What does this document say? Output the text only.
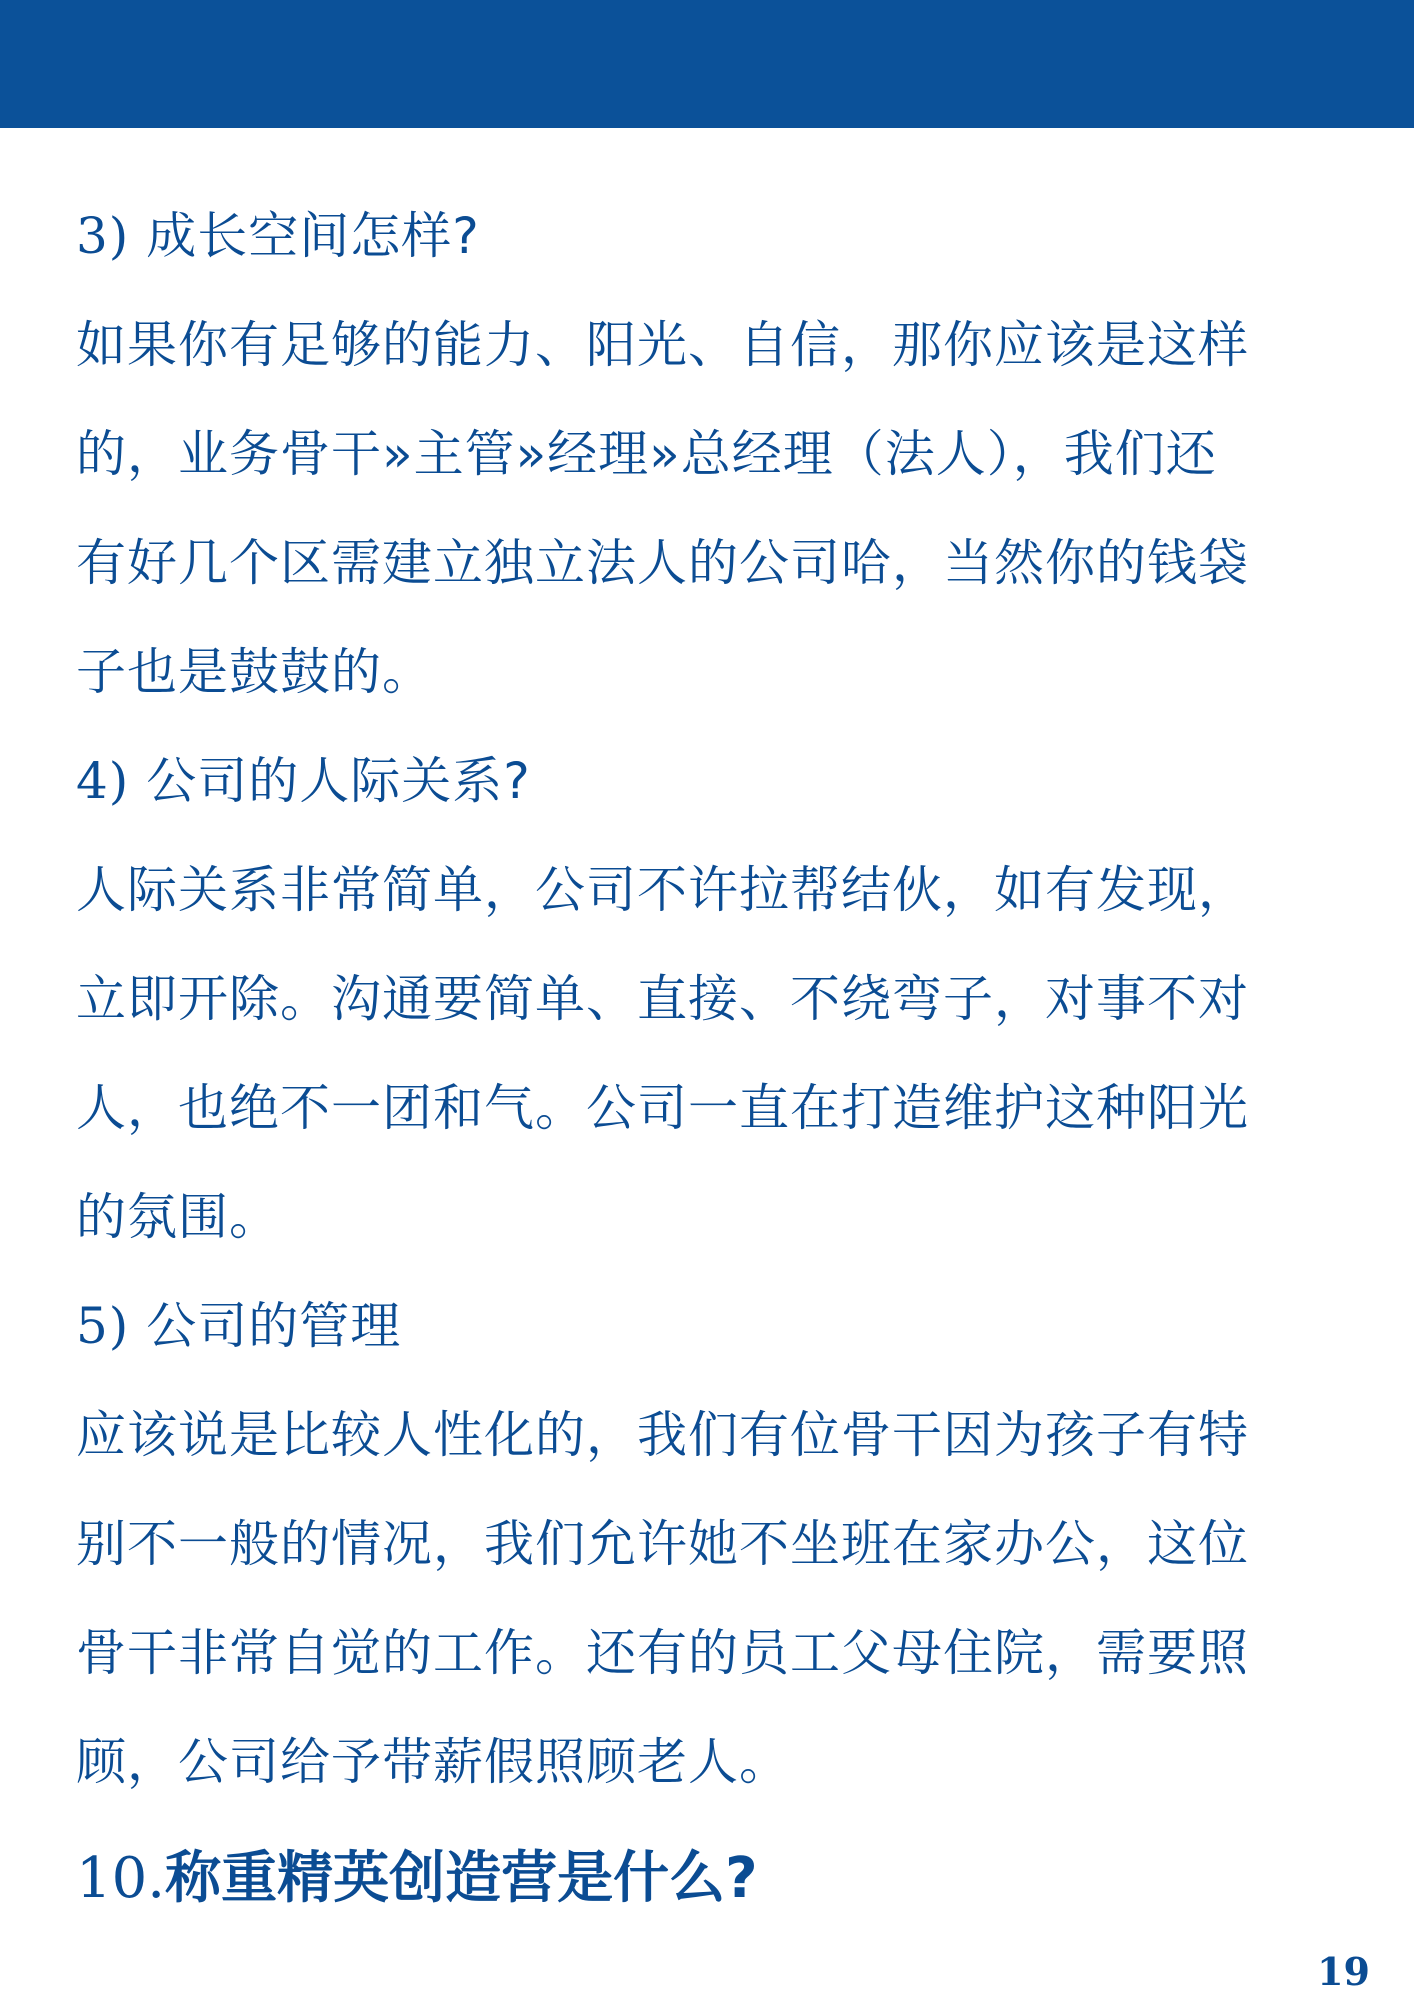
3) 成长空间怎样?
如果你有足够的能力、阳光、自信，那你应该是这样
的，业务骨干»主管»经理»总经理（法人），我们还
有好几个区需建立独立法人的公司哈，当然你的钱袋
子也是鼓鼓的。
4) 公司的人际关系?
人际关系非常简单，公司不许拉帮结伙，如有发现，
立即开除。沟通要简单、直接、不绕弯子，对事不对
人，也绝不一团和气。公司一直在打造维护这种阳光
的氛围。
5) 公司的管理
应该说是比较人性化的，我们有位骨干因为孩子有特
别不一般的情况，我们允许她不坐班在家办公，这位
骨干非常自觉的工作。还有的员工父母住院，需要照
顾，公司给予带薪假照顾老人。
10.称重精英创造营是什么?
19
